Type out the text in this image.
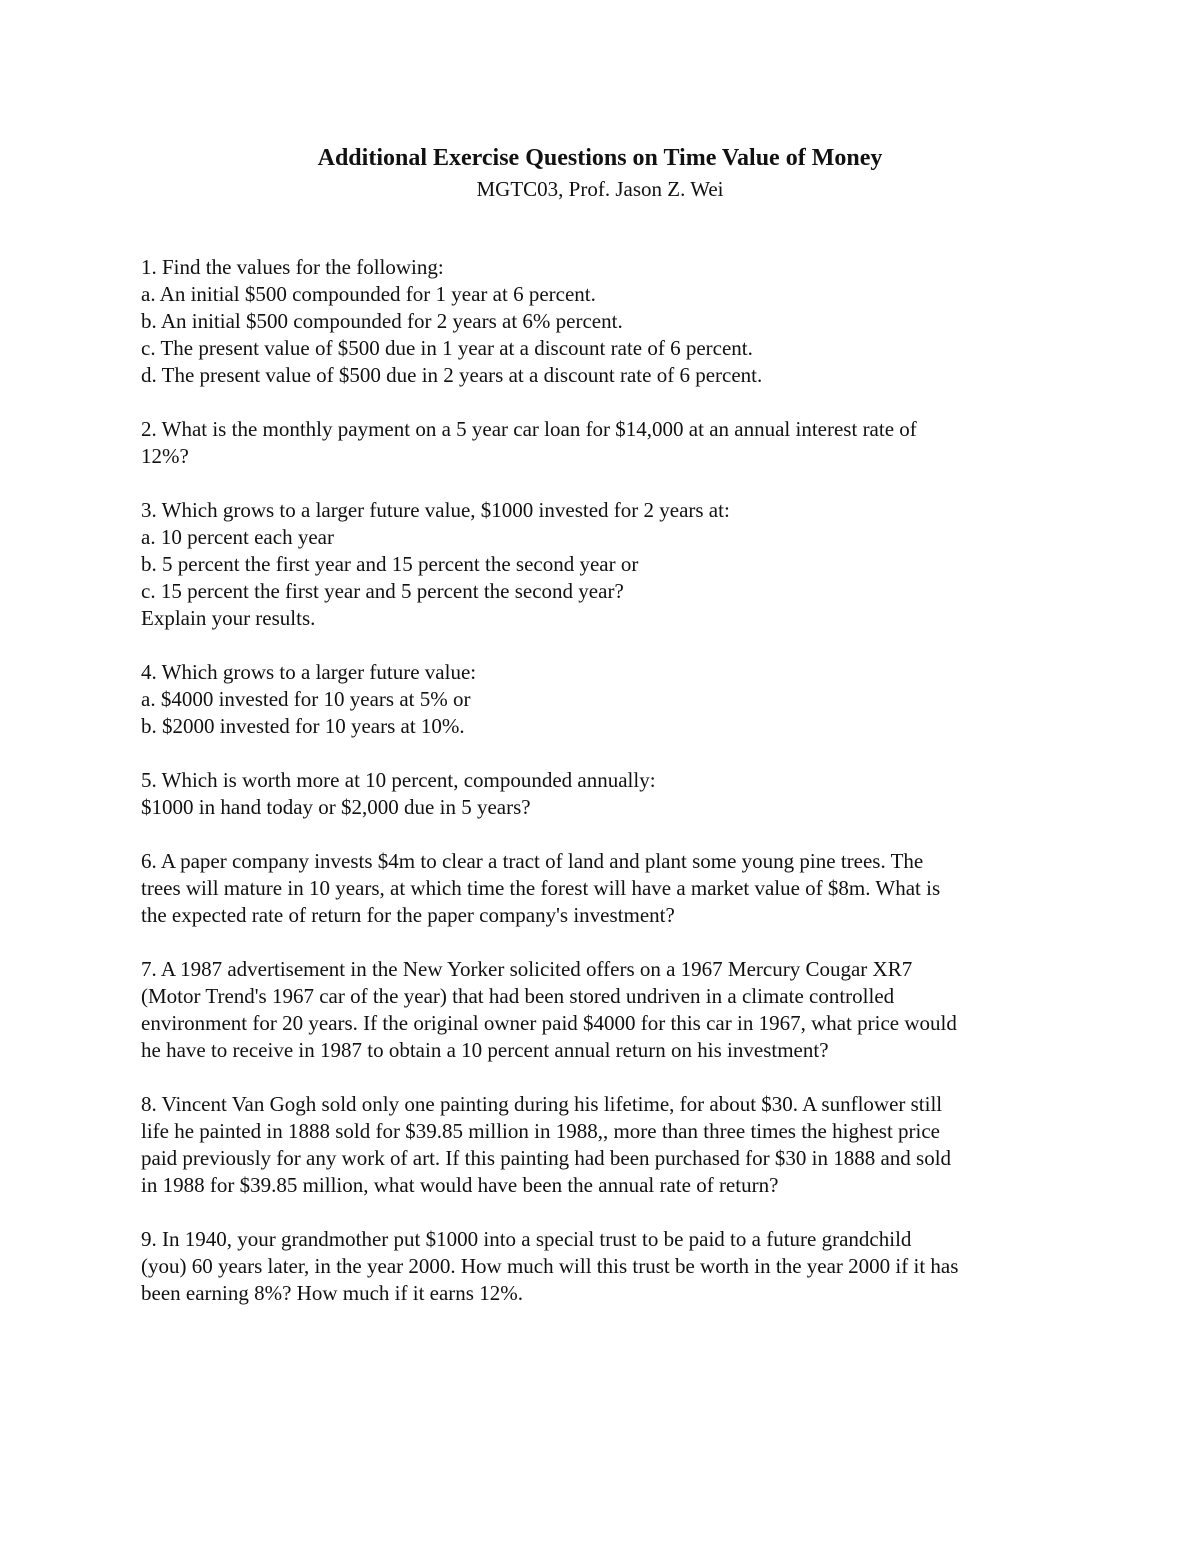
Additional Exercise Questions on Time Value of Money
MGTC03, Prof. Jason Z. Wei
1. Find the values for the following:
a. An initial $500 compounded for 1 year at 6 percent.
b. An initial $500 compounded for 2 years at 6% percent.
c. The present value of $500 due in 1 year at a discount rate of 6 percent.
d. The present value of $500 due in 2 years at a discount rate of 6 percent.
2. What is the monthly payment on a 5 year car loan for $14,000 at an annual interest rate of
12%?
3. Which grows to a larger future value, $1000 invested for 2 years at:
a. 10 percent each year
b. 5 percent the first year and 15 percent the second year or
c. 15 percent the first year and 5 percent the second year?
Explain your results.
4. Which grows to a larger future value:
a. $4000 invested for 10 years at 5% or
b. $2000 invested for 10 years at 10%.
5. Which is worth more at 10 percent, compounded annually:
$1000 in hand today or $2,000 due in 5 years?
6. A paper company invests $4m to clear a tract of land and plant some young pine trees. The
trees will mature in 10 years, at which time the forest will have a market value of $8m. What is
the expected rate of return for the paper company's investment?
7. A 1987 advertisement in the New Yorker solicited offers on a 1967 Mercury Cougar XR7
(Motor Trend's 1967 car of the year) that had been stored undriven in a climate controlled
environment for 20 years. If the original owner paid $4000 for this car in 1967, what price would
he have to receive in 1987 to obtain a 10 percent annual return on his investment?
8. Vincent Van Gogh sold only one painting during his lifetime, for about $30. A sunflower still
life he painted in 1888 sold for $39.85 million in 1988,, more than three times the highest price
paid previously for any work of art. If this painting had been purchased for $30 in 1888 and sold
in 1988 for $39.85 million, what would have been the annual rate of return?
9. In 1940, your grandmother put $1000 into a special trust to be paid to a future grandchild
(you) 60 years later, in the year 2000. How much will this trust be worth in the year 2000 if it has
been earning 8%? How much if it earns 12%.
